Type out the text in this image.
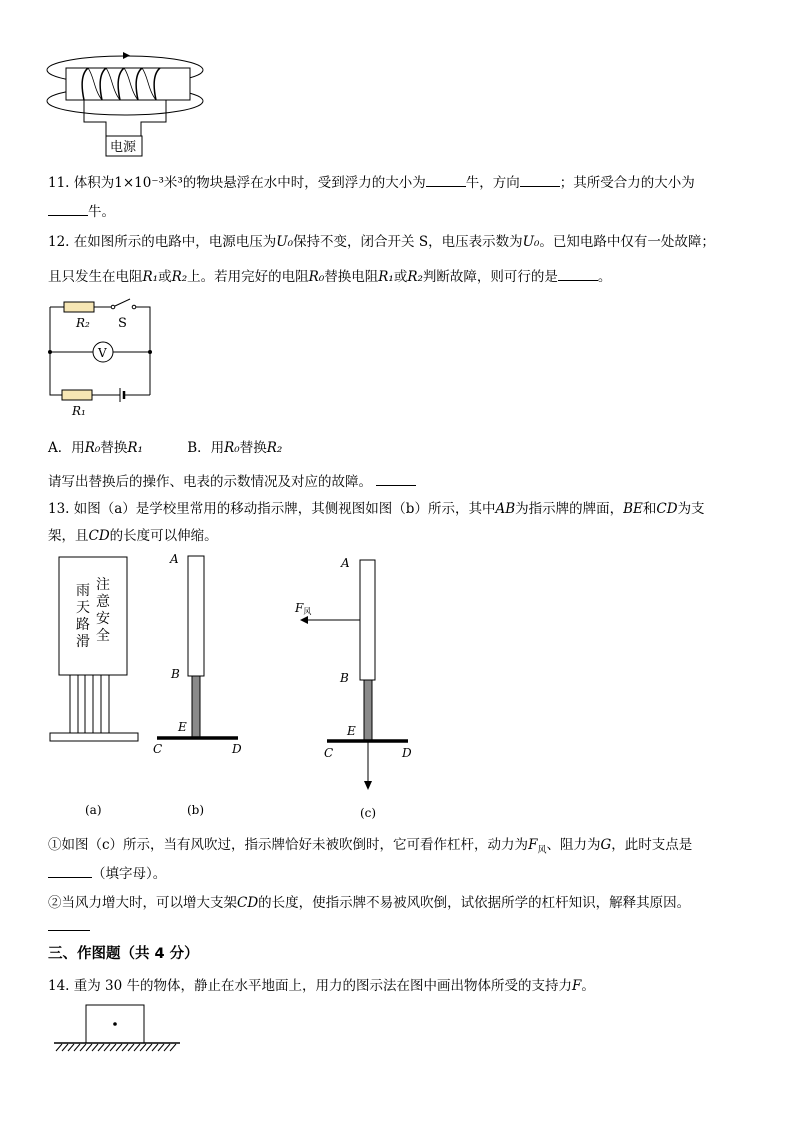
电源
11. 体积为1×10⁻³米³的物块悬浮在水中时，受到浮力的大小为	牛，方向	；其所受合力的大小为
牛。
12. 在如图所示的电路中，电源电压为U₀保持不变，闭合开关 S，电压表示数为U₀。已知电路中仅有一处故障；
且只发生在电阻R₁或R₂上。若用完好的电阻R₀替换电阻R₁或R₂判断故障，则可行的是	。
R₂ S
V
R₁
A．用R₀替换R₁	B．用R₀替换R₂
请写出替换后的操作、电表的示数情况及对应的故障。
13. 如图（a）是学校里常用的移动指示牌，其侧视图如图（b）所示，其中AB为指示牌的牌面，BE和CD为支
架，且CD的长度可以伸缩。
注
意
安
全
雨
天
路
滑
A
B
E
C	D
A
F风
B
E
C	D
(a)	(b)	(c)
①如图（c）所示，当有风吹过，指示牌恰好未被吹倒时，它可看作杠杆，动力为$F_风$、阻力为G，此时支点是
（填字母）。
②当风力增大时，可以增大支架CD的长度，使指示牌不易被风吹倒，试依据所学的杠杆知识，解释其原因。
三、作图题（共 4 分）
14. 重为 30 牛的物体，静止在水平地面上，用力的图示法在图中画出物体所受的支持力F。
